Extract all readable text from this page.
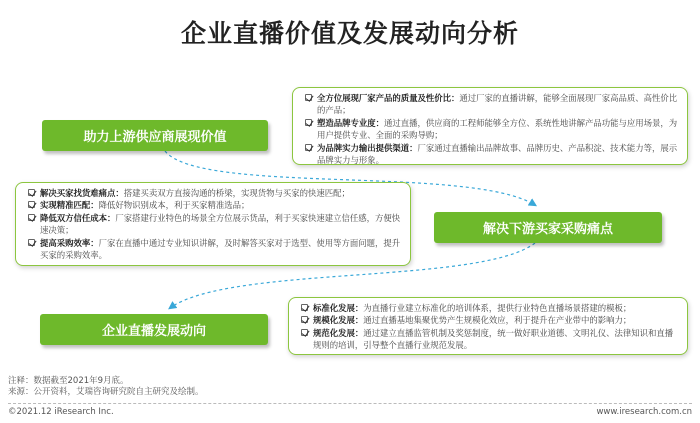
企业直播价值及发展动向分析
助力上游供应商展现价值
全方位展现厂家产品的质量及性价比：通过厂家的直播讲解，能够全面展现厂家高品质、高性价比的产品；
塑造品牌专业度：通过直播，供应商的工程师能够全方位、系统性地讲解产品功能与应用场景，为用户提供专业、全面的采购导购；
为品牌实力输出提供渠道：厂家通过直播输出品牌故事、品牌历史、产品积淀、技术能力等，展示品牌实力与形象。
解决买家找货难痛点：搭建买卖双方直接沟通的桥梁，实现货物与买家的快速匹配；
实现精准匹配：降低好物识别成本，利于买家精准选品；
降低双方信任成本：厂家搭建行业特色的场景全方位展示货品，利于买家快速建立信任感，方便快速决策；
提高采购效率：厂家在直播中通过专业知识讲解，及时解答买家对于选型、使用等方面问题，提升买家的采购效率。
解决下游买家采购痛点
企业直播发展动向
标准化发展：为直播行业建立标准化的培训体系，提供行业特色直播场景搭建的模板；
规模化发展：通过直播基地集聚优势产生规模化效应，利于提升在产业带中的影响力；
规范化发展：通过建立直播监管机制及奖惩制度，统一做好职业道德、文明礼仪、法律知识和直播规则的培训，引导整个直播行业规范发展。
注释：数据截至2021年9月底。
来源：公开资料，艾瑞咨询研究院自主研究及绘制。
©2021.12 iResearch Inc.	www.iresearch.com.cn
